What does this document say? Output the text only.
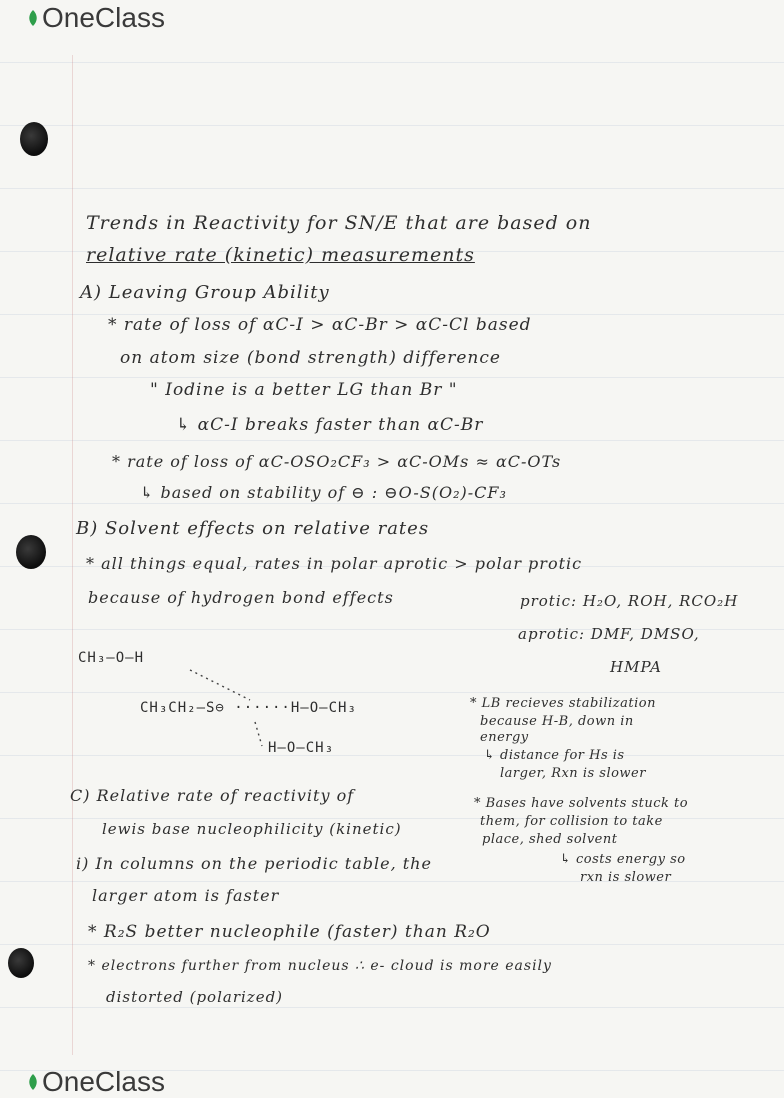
OneClass
Trends in Reactivity for SN/E that are based on
relative rate (kinetic) measurements
A) Leaving Group Ability
* rate of loss of αC-I > αC-Br > αC-Cl based
on atom size (bond strength) difference
" Iodine is a better LG than Br "
↳ αC-I breaks faster than αC-Br
* rate of loss of αC-OSO₂CF₃ > αC-OMs ≈ αC-OTs
↳ based on stability of ⊖ : ⊖O-S(O₂)-CF₃
B) Solvent effects on relative rates
* all things equal, rates in polar aprotic > polar protic
because of hydrogen bond effects	protic: H₂O, ROH, RCO₂H
aprotic: DMF, DMSO,
HMPA
CH₃–O–H
CH₃CH₂–S⊖ ······H–O–CH₃
H–O–CH₃
* LB recieves stabilization
because H-B, down in
energy
↳ distance for Hs is
larger, Rxn is slower
C) Relative rate of reactivity of
lewis base nucleophilicity (kinetic)
* Bases have solvents stuck to
them, for collision to take
place, shed solvent
↳ costs energy so
rxn is slower
i) In columns on the periodic table, the
larger atom is faster
* R₂S better nucleophile (faster) than R₂O
* electrons further from nucleus ∴ e- cloud is more easily
distorted (polarized)
OneClass
